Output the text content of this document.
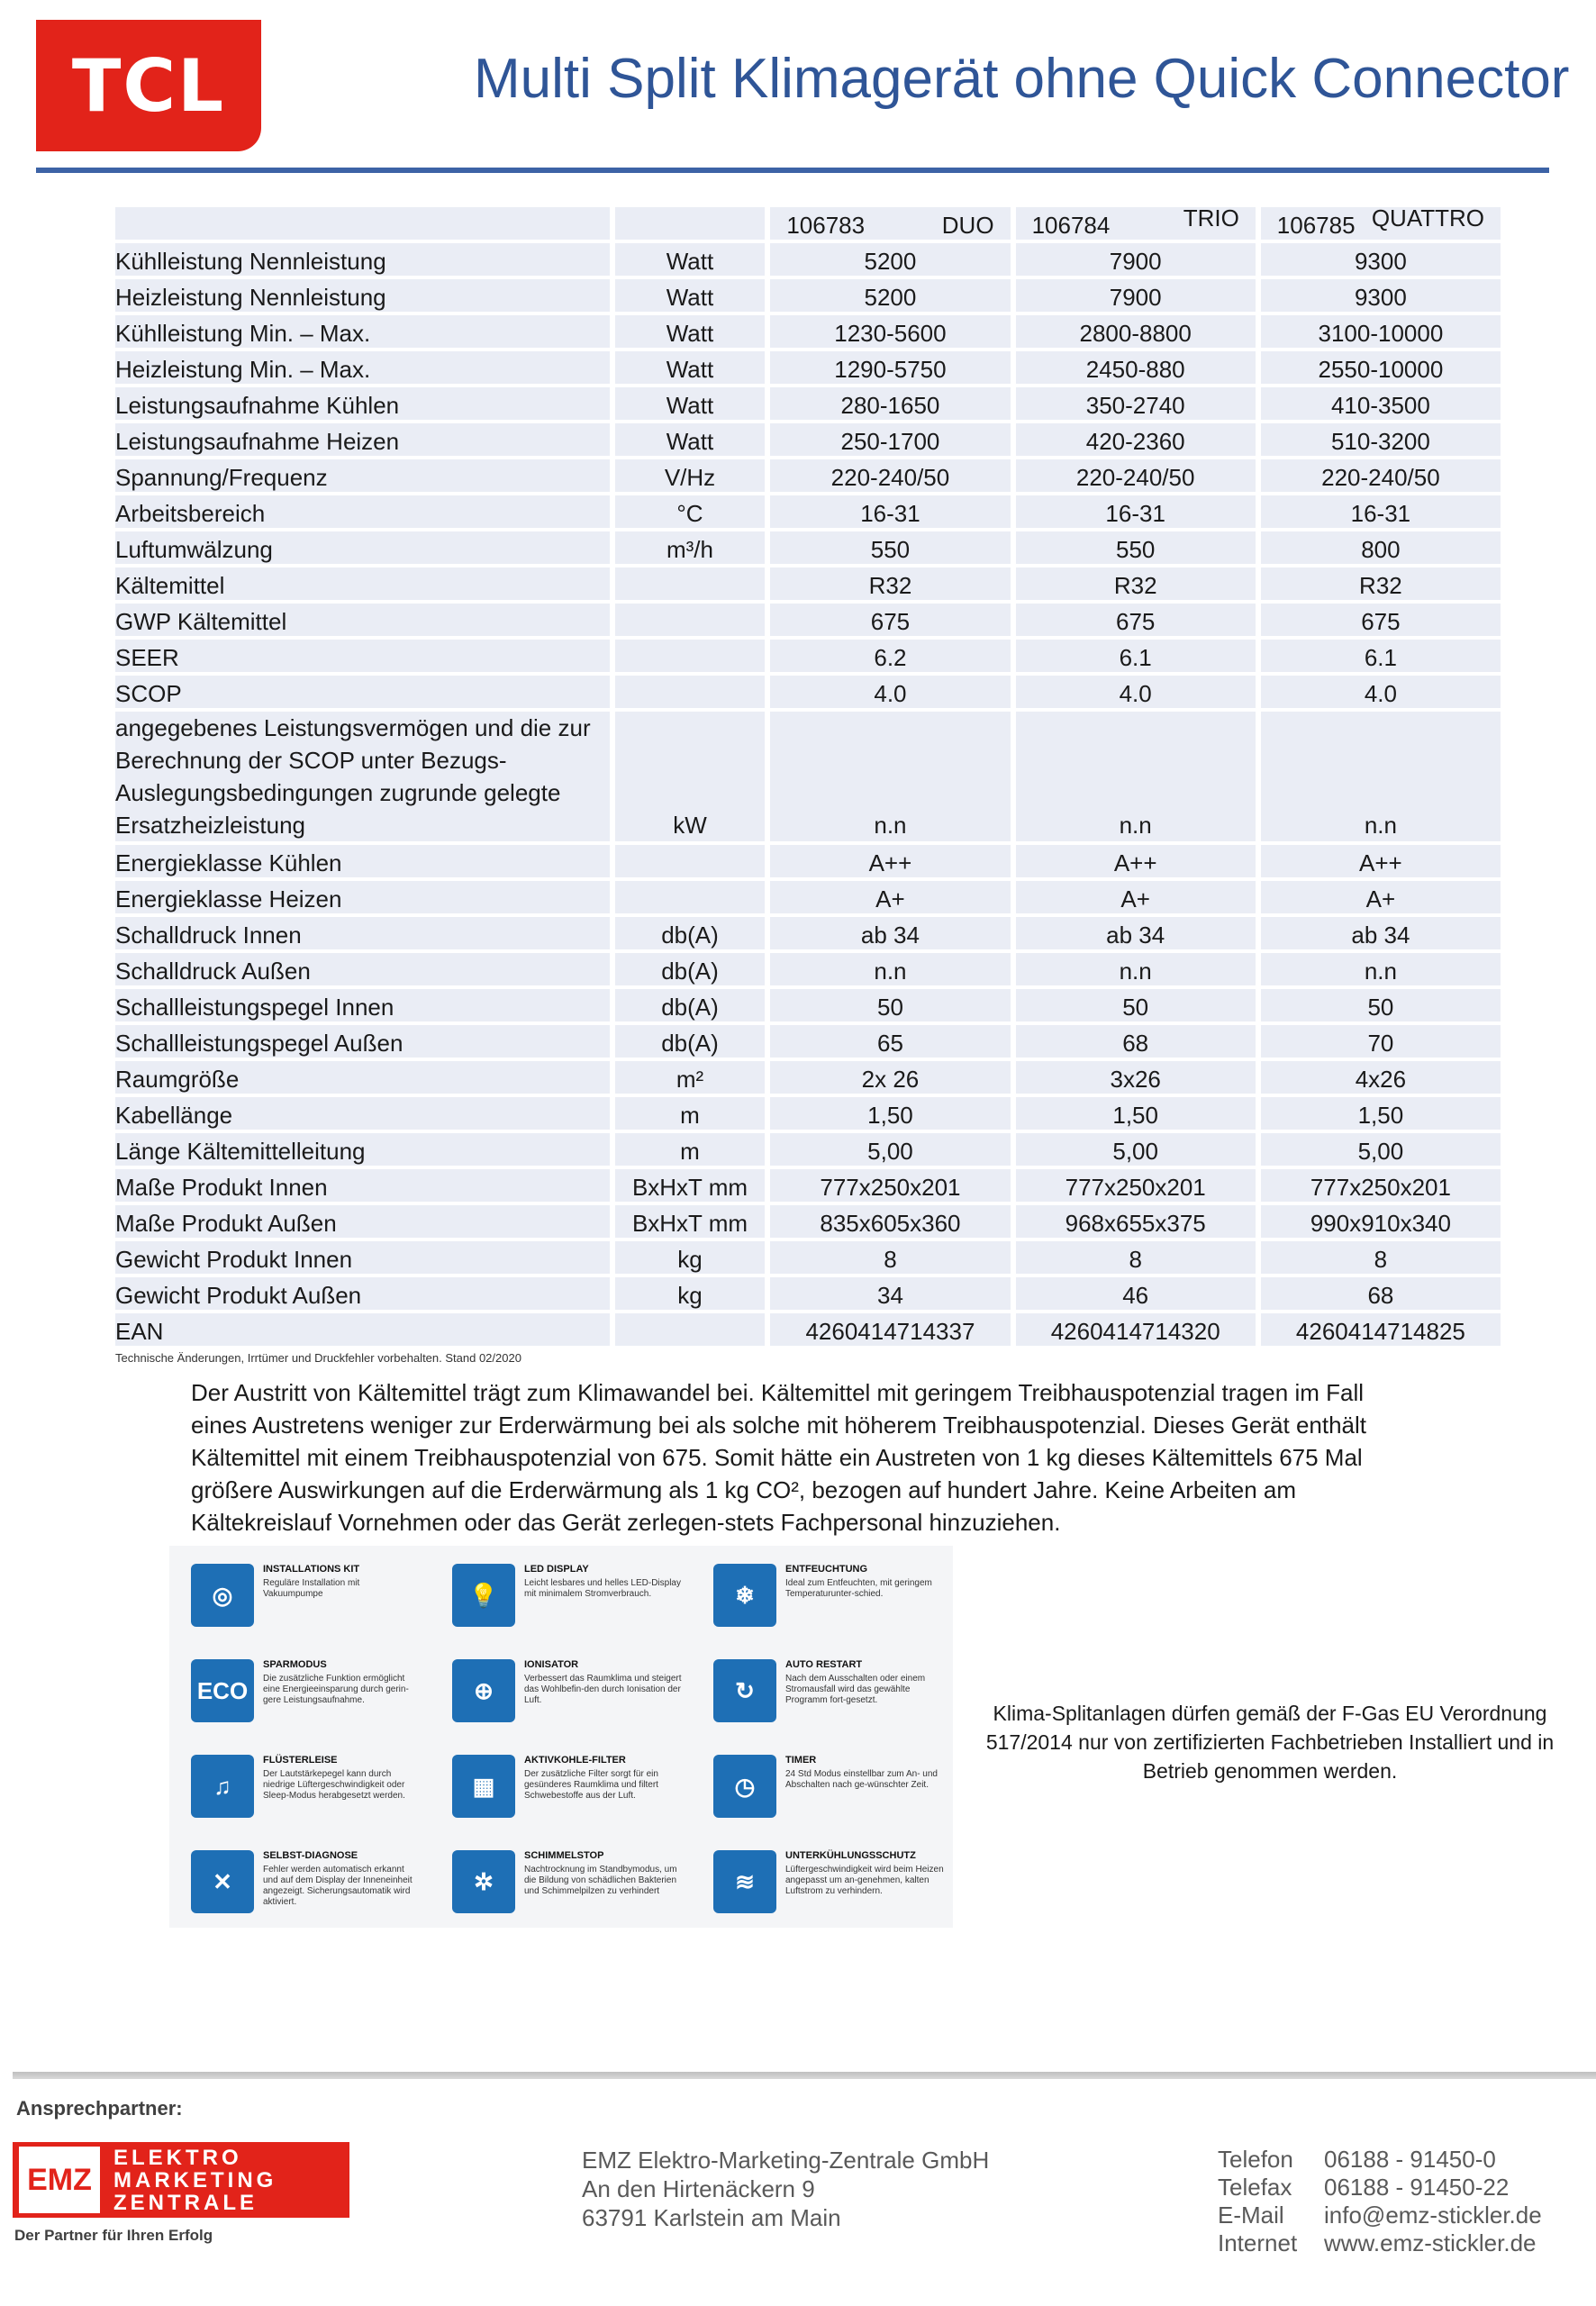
TCL	Multi Split Klimagerät ohne Quick Connector

		106783 DUO	106784 TRIO	106785 QUATTRO

Kühlleistung Nennleistung	Watt	5200	7900	9300
Heizleistung Nennleistung	Watt	5200	7900	9300
Kühlleistung Min. – Max.	Watt	1230-5600	2800-8800	3100-10000
Heizleistung Min. – Max.	Watt	1290-5750	2450-880	2550-10000
Leistungsaufnahme Kühlen	Watt	280-1650	350-2740	410-3500
Leistungsaufnahme Heizen	Watt	250-1700	420-2360	510-3200
Spannung/Frequenz	V/Hz	220-240/50	220-240/50	220-240/50
Arbeitsbereich	°C	16-31	16-31	16-31
Luftumwälzung	m³/h	550	550	800
Kältemittel		R32	R32	R32
GWP Kältemittel		675	675	675
SEER		6.2	6.1	6.1
SCOP		4.0	4.0	4.0
angegebenes Leistungsvermögen und die zur Berechnung der SCOP unter Bezugs-Auslegungsbedingungen zugrunde gelegte Ersatzheizleistung	kW	n.n	n.n	n.n
Energieklasse Kühlen		A++	A++	A++
Energieklasse Heizen		A+	A+	A+
Schalldruck Innen	db(A)	ab 34	ab 34	ab 34
Schalldruck Außen	db(A)	n.n	n.n	n.n
Schallleistungspegel Innen	db(A)	50	50	50
Schallleistungspegel Außen	db(A)	65	68	70
Raumgröße	m²	2x 26	3x26	4x26
Kabellänge	m	1,50	1,50	1,50
Länge Kältemittelleitung	m	5,00	5,00	5,00
Maße Produkt Innen	BxHxT mm	777x250x201	777x250x201	777x250x201
Maße Produkt Außen	BxHxT mm	835x605x360	968x655x375	990x910x340
Gewicht Produkt Innen	kg	8	8	8
Gewicht Produkt Außen	kg	34	46	68
EAN		4260414714337	4260414714320	4260414714825
Technische Änderungen, Irrtümer und Druckfehler vorbehalten. Stand 02/2020
Der Austritt von Kältemittel trägt zum Klimawandel bei. Kältemittel mit geringem Treibhauspotenzial tragen im Fall eines Austretens weniger zur Erderwärmung bei als solche mit höherem Treibhauspotenzial. Dieses Gerät enthält Kältemittel mit einem Treibhauspotenzial von 675. Somit hätte ein Austreten von 1 kg dieses Kältemittels 675 Mal größere Auswirkungen auf die Erderwärmung als 1 kg CO², bezogen auf hundert Jahre. Keine Arbeiten am Kältekreislauf Vornehmen oder das Gerät zerlegen-stets Fachpersonal hinzuziehen.
◎
INSTALLATIONS KIT
Reguläre Installation mit Vakuumpumpe	💡
LED DISPLAY
Leicht lesbares und helles LED-Display mit minimalem Stromverbrauch.	❄
ENTFEUCHTUNG
Ideal zum Entfeuchten, mit geringem Temperaturunter-schied.
ECO
SPARMODUS
Die zusätzliche Funktion ermöglicht eine Energieeinsparung durch gerin-gere Leistungsaufnahme.	⊕
IONISATOR
Verbessert das Raumklima und steigert das Wohlbefin-den durch Ionisation der Luft.	↻
AUTO RESTART
Nach dem Ausschalten oder einem Stromausfall wird das gewählte Programm fort-gesetzt.
♫
FLÜSTERLEISE
Der Lautstärkepegel kann durch niedrige Lüftergeschwindigkeit oder Sleep-Modus herabgesetzt werden.	▦
AKTIVKOHLE-FILTER
Der zusätzliche Filter sorgt für ein gesünderes Raumklima und filtert Schwebestoffe aus der Luft.	◷
TIMER
24 Std Modus einstellbar zum An- und Abschalten nach ge-wünschter Zeit.
✕
SELBST-DIAGNOSE
Fehler werden automatisch erkannt und auf dem Display der Inneneinheit angezeigt. Sicherungsautomatik wird aktiviert.
✲
SCHIMMELSTOP
Nachtrocknung im Standbymodus, um die Bildung von schädlichen Bakterien und Schimmelpilzen zu verhindert	≋
UNTERKÜHLUNGSSCHUTZ
Lüftergeschwindigkeit wird beim Heizen angepasst um an-genehmen, kalten Luftstrom zu verhindern.
Klima-Splitanlagen dürfen gemäß der F-Gas EU Verordnung 517/2014 nur von zertifizierten Fachbetrieben Installiert und in Betrieb genommen werden.
Ansprechpartner:
EMZ
ELEKTRO
MARKETING
ZENTRALE
Der Partner für Ihren Erfolg
EMZ Elektro-Marketing-Zentrale GmbH
An den Hirtenäckern 9
63791 Karlstein am Main
Telefon	06188 - 91450-0
Telefax	06188 - 91450-22
E-Mail	info@emz-stickler.de
Internet	www.emz-stickler.de
